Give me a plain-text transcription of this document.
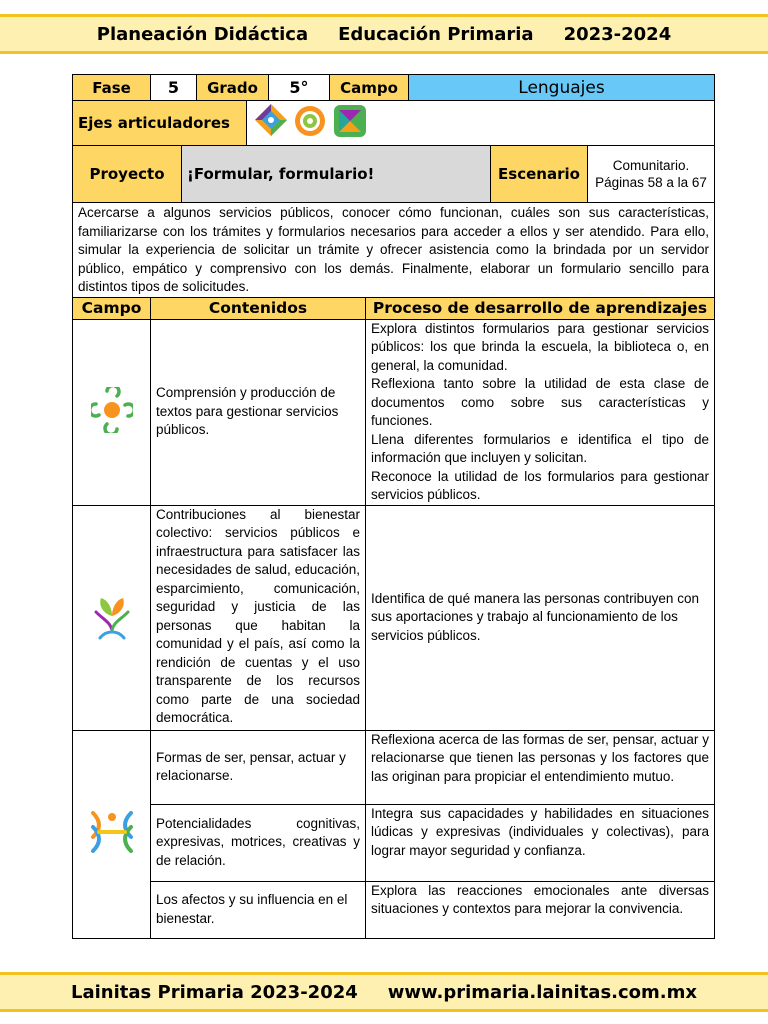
Planeación Didáctica Educación Primaria 2023-2024
Fase	5	Grado	5°	Campo	Lenguajes
Ejes articuladores	
Proyecto	¡Formular, formulario!	Escenario	Comunitario. Páginas 58 a la 67
Acercarse a algunos servicios públicos, conocer cómo funcionan, cuáles son sus características, familiarizarse con los trámites y formularios necesarios para acceder a ellos y ser atendido. Para ello, simular la experiencia de solicitar un trámite y ofrecer asistencia como la brindada por un servidor público, empático y comprensivo con los demás. Finalmente, elaborar un formulario sencillo para distintos tipos de solicitudes.
Campo	Contenidos	Proceso de desarrollo de aprendizajes
	Comprensión y producción de textos para gestionar servicios públicos.	Explora distintos formularios para gestionar servicios públicos: los que brinda la escuela, la biblioteca o, en general, la comunidad.
Reflexiona tanto sobre la utilidad de esta clase de documentos como sobre sus características y funciones.
Llena diferentes formularios e identifica el tipo de información que incluyen y solicitan.
Reconoce la utilidad de los formularios para gestionar servicios públicos.

	Contribuciones al bienestar colectivo: servicios públicos e infraestructura para satisfacer las necesidades de salud, educación, esparcimiento, comunicación, seguridad y justicia de las personas que habitan la comunidad y el país, así como la rendición de cuentas y el uso transparente de los recursos como parte de una sociedad democrática.	Identifica de qué manera las personas contribuyen con sus aportaciones y trabajo al funcionamiento de los servicios públicos.
	Formas de ser, pensar, actuar y relacionarse.	Reflexiona acerca de las formas de ser, pensar, actuar y relacionarse que tienen las personas y los factores que las originan para propiciar el entendimiento mutuo.
	Potencialidades cognitivas, expresivas, motrices, creativas y de relación.	Integra sus capacidades y habilidades en situaciones lúdicas y expresivas (individuales y colectivas), para lograr mayor seguridad y confianza.
	Los afectos y su influencia en el bienestar.	Explora las reacciones emocionales ante diversas situaciones y contextos para mejorar la convivencia.
Lainitas Primaria 2023-2024 www.primaria.lainitas.com.mx
